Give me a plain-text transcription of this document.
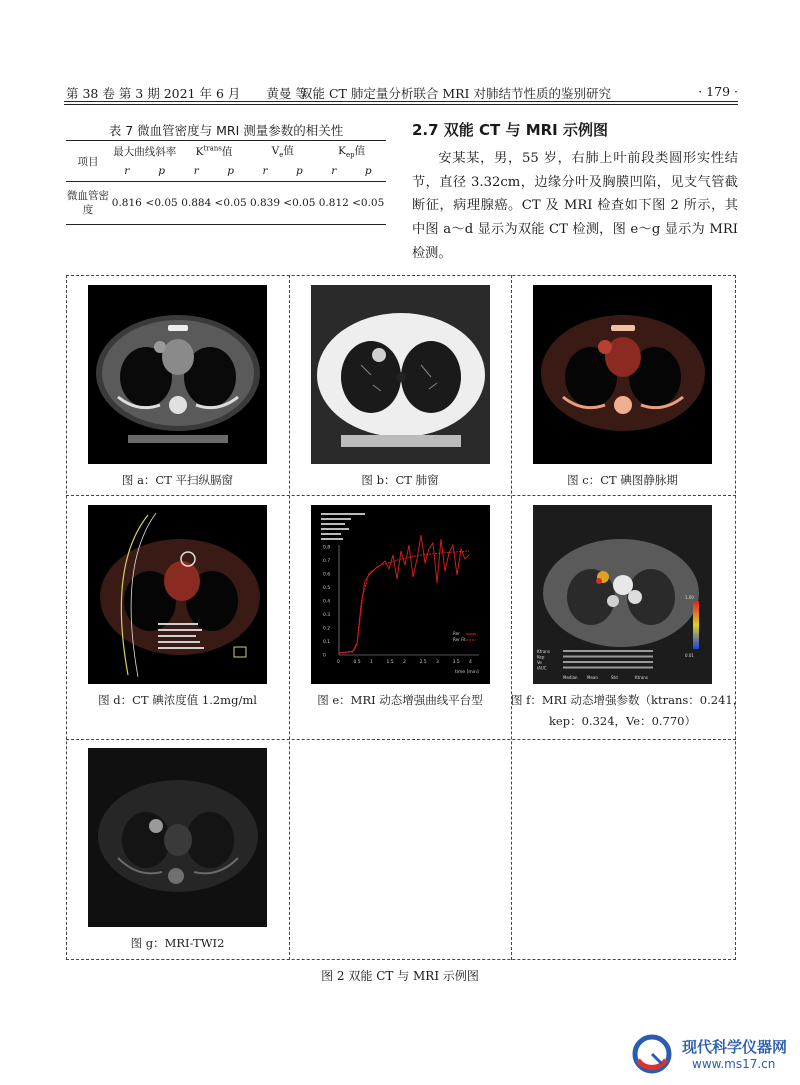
第 38 卷 第 3 期 2021 年 6 月 黄曼 等
双能 CT 肺定量分析联合 MRI 对肺结节性质的鉴别研究	· 179 ·
表 7 微血管密度与 MRI 测量参数的相关性
项目	最大曲线斜率		$K^{trans}$值		$V_e$值		$K_{ep}$值	
	r	p	r	p	r	p	r	p
微血管密度	0.816	<0.05	0.884	<0.05	0.839	<0.05	0.812	<0.05
2.7 双能 CT 与 MRI 示例图
安某某，男，55 岁，右肺上叶前段类圆形实性结节，直径 3.32cm，边缘分叶及胸膜凹陷，见支气管截断征，病理腺癌。CT 及 MRI 检查如下图 2 所示，其中图 a～d 显示为双能 CT 检测，图 e～g 显示为 MRI 检测。
图 a：CT 平扫纵膈窗	图 b：CT 肺窗	图 c：CT 碘图静脉期
图 d：CT 碘浓度值 1.2mg/ml
0	0.5 1	1.5 2	2.5 3	3.5 4
0
0.1
0.2
0.3
0.4
0.5
0.6
0.7
0.8
time [min]
Rer
Rer Fit
图 e：MRI 动态增强曲线平台型
1.00
0.01
Ktrans
Kep
Ve
iAUC
Median Mean	Std	Ktrans
图 f：MRI 动态增强参数（ktrans：0.241，
kep：0.324，Ve：0.770）
图 g：MRI-TWI2
图 2 双能 CT 与 MRI 示例图
现代科学仪器网
www.ms17.cn
